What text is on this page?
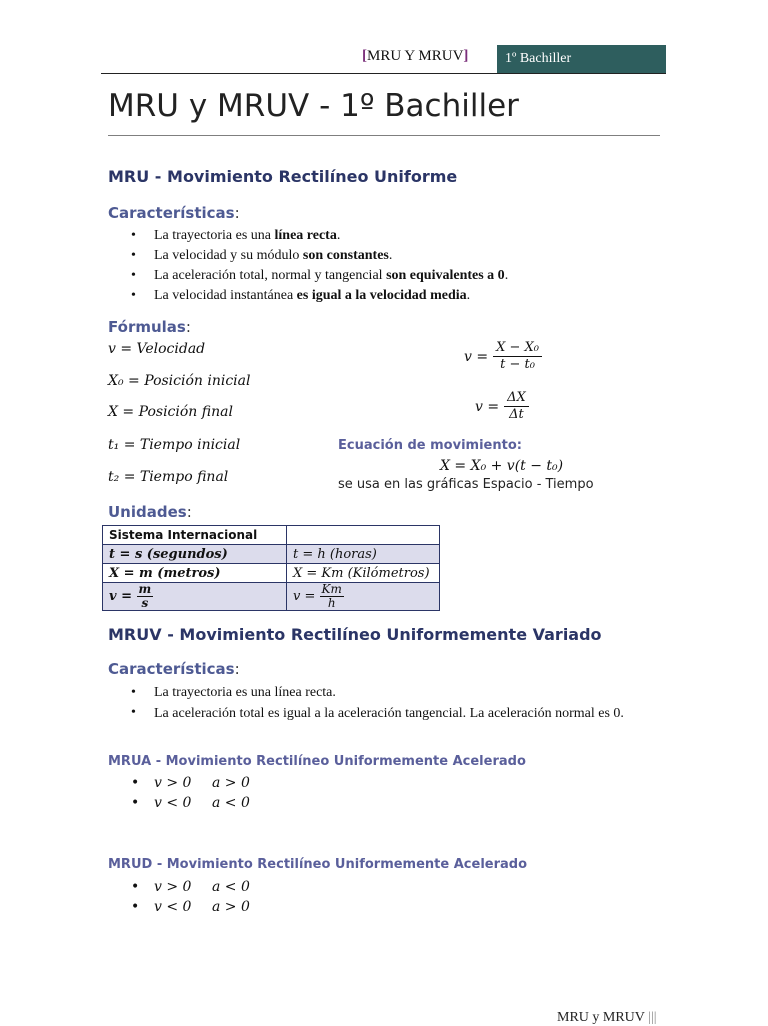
[MRU Y MRUV]	1º Bachiller
MRU y MRUV - 1º Bachiller
MRU - Movimiento Rectilíneo Uniforme
Características:
• La trayectoria es una línea recta.
• La velocidad y su módulo son constantes.
• La aceleración total, normal y tangencial son equivalentes a 0.
• La velocidad instantánea es igual a la velocidad media.
Fórmulas:
v = Velocidad
X₀ = Posición inicial
X = Posición final
t₁ = Tiempo inicial
t₂ = Tiempo final
$v = \frac{\text{X − X₀}}{\text{t − t₀}}$
$v = \frac{\Delta X}{\Delta t}$
Ecuación de movimiento:
X = X₀ + v(t − t₀)
se usa en las gráficas Espacio - Tiempo
Unidades:
Sistema Internacional	
t = s (segundos)	t = h (horas)
X = m (metros)	X = Km (Kilómetros)
$v = \frac{m}{s}$	$v = \frac{Km}{h}$
MRUV - Movimiento Rectilíneo Uniformemente Variado
Características:
• La trayectoria es una línea recta.
• La aceleración total es igual a la aceleración tangencial. La aceleración normal es 0.
MRUA - Movimiento Rectilíneo Uniformemente Acelerado
• v > 0 a > 0
• v < 0 a < 0
MRUD - Movimiento Rectilíneo Uniformemente Acelerado
• v > 0 a < 0
• v < 0 a > 0
MRU y MRUV |||
